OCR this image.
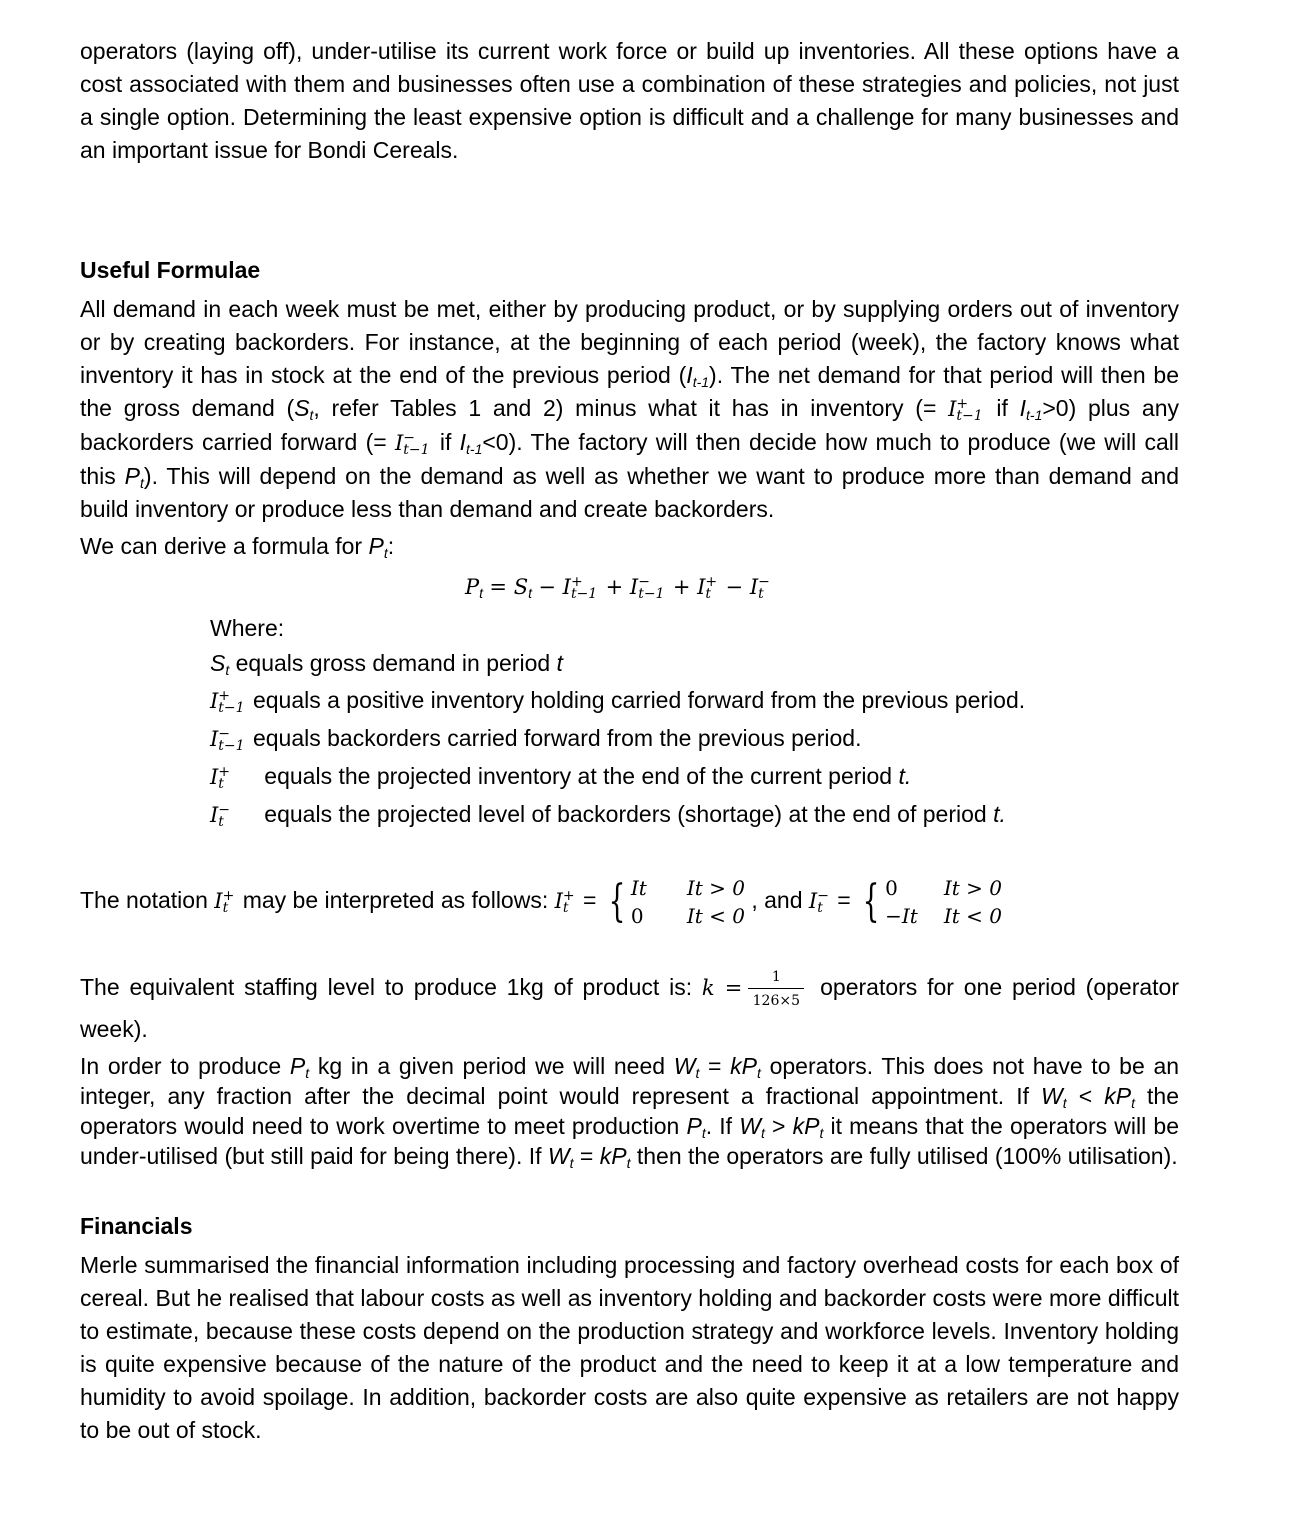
operators (laying off), under-utilise its current work force or build up inventories. All these options have a cost associated with them and businesses often use a combination of these strategies and policies, not just a single option. Determining the least expensive option is difficult and a challenge for many businesses and an important issue for Bondi Cereals.
Useful Formulae
All demand in each week must be met, either by producing product, or by supplying orders out of inventory or by creating backorders. For instance, at the beginning of each period (week), the factory knows what inventory it has in stock at the end of the previous period (It-1). The net demand for that period will then be the gross demand (St, refer Tables 1 and 2) minus what it has in inventory (= I +
t−1 if It-1>0) plus any backorders carried forward (= I −
t−1 if It-1<0). The factory will then decide how much to produce (we will call this Pt). This will depend on the demand as well as whether we want to produce more than demand and build inventory or produce less than demand and create backorders.
We can derive a formula for Pt:
Pt = St − I +
t−1 + I −
t−1 + I +
t − I −
t
Where:
St equals gross demand in period t
I +
t−1 equals a positive inventory holding carried forward from the previous period.
I −
t−1 equals backorders carried forward from the previous period.
I +
t	equals the projected inventory at the end of the current period t.
I −
t	equals the projected level of backorders (shortage) at the end of period t.
The notation I +
t may be interpreted as follows: I +
t = { It It > 0
0 It < 0
, and I −
t = { 0	It > 0
−It It < 0
The equivalent staffing level to produce 1kg of product is: $k = \frac{1}{126\times 5}$ operators for one period (operator week).
In order to produce Pt kg in a given period we will need Wt = kPt operators. This does not have to be an integer, any fraction after the decimal point would represent a fractional appointment. If Wt < kPt the operators would need to work overtime to meet production Pt. If Wt > kPt it means that the operators will be under-utilised (but still paid for being there). If Wt = kPt then the operators are fully utilised (100% utilisation).
Financials
Merle summarised the financial information including processing and factory overhead costs for each box of cereal. But he realised that labour costs as well as inventory holding and backorder costs were more difficult to estimate, because these costs depend on the production strategy and workforce levels. Inventory holding is quite expensive because of the nature of the product and the need to keep it at a low temperature and humidity to avoid spoilage. In addition, backorder costs are also quite expensive as retailers are not happy to be out of stock.
